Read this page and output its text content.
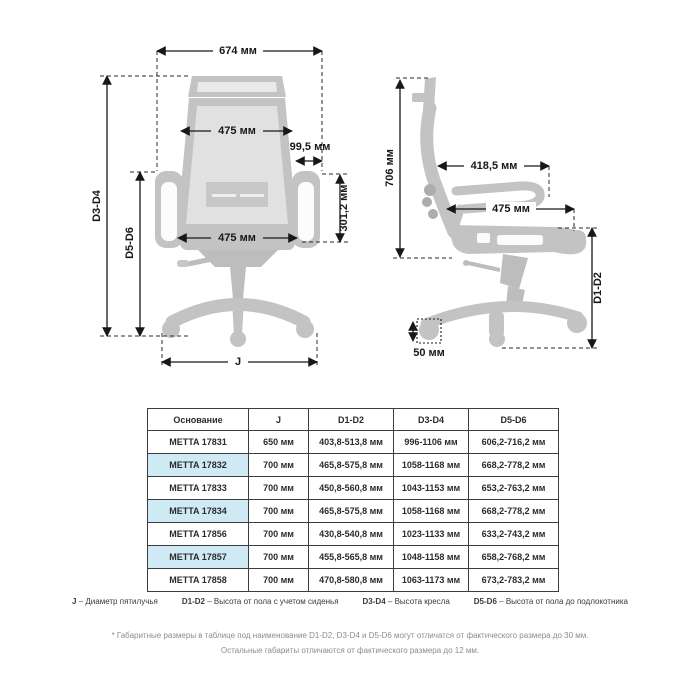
674 мм
D3-D4
D5-D6
475 мм
99,5 мм
301,2 мм
475 мм
J
706 мм	418,5 мм
475 мм
D1-D2
50 мм
Основание	J	D1-D2	D3-D4	D5-D6
METTA 17831	650 мм	403,8-513,8 мм	996-1106 мм	606,2-716,2 мм
METTA 17832	700 мм	465,8-575,8 мм	1058-1168 мм	668,2-778,2 мм
METTA 17833	700 мм	450,8-560,8 мм	1043-1153 мм	653,2-763,2 мм
METTA 17834	700 мм	465,8-575,8 мм	1058-1168 мм	668,2-778,2 мм
METTA 17856	700 мм	430,8-540,8 мм	1023-1133 мм	633,2-743,2 мм
METTA 17857	700 мм	455,8-565,8 мм	1048-1158 мм	658,2-768,2 мм
METTA 17858	700 мм	470,8-580,8 мм	1063-1173 мм	673,2-783,2 мм
J – Диаметр пятилучья	D1-D2 – Высота от пола с учетом сиденья	D3-D4 – Высота кресла	D5-D6 – Высота от пола до подлокотника
* Габаритные размеры в таблице под наименование D1-D2, D3-D4 и D5-D6 могут отличатся от фактического размера до 30 мм.
Остальные габариты отличаются от фактического размера до 12 мм.
